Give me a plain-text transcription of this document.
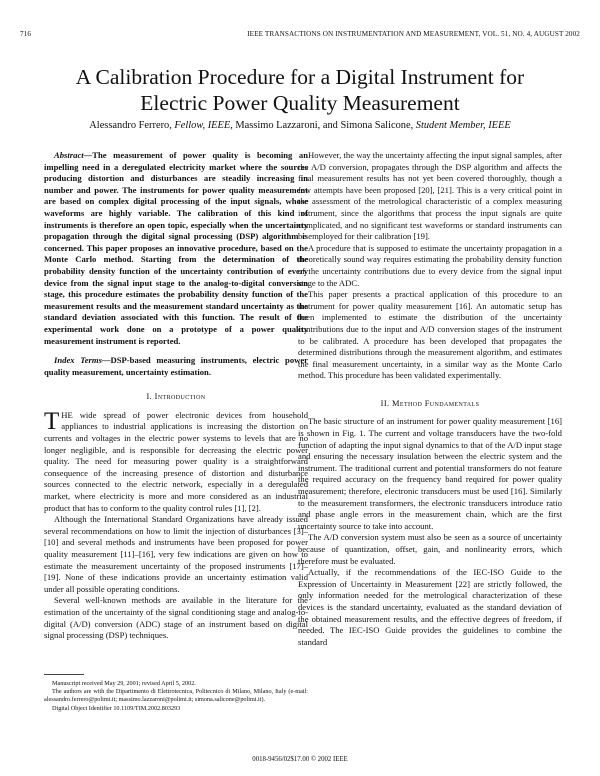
716	IEEE TRANSACTIONS ON INSTRUMENTATION AND MEASUREMENT, VOL. 51, NO. 4, AUGUST 2002
A Calibration Procedure for a Digital Instrument for
Electric Power Quality Measurement
Alessandro Ferrero, Fellow, IEEE, Massimo Lazzaroni, and Simona Salicone, Student Member, IEEE

Abstract—The measurement of power quality is becoming an impelling need in a deregulated electricity market where the sources producing distortion and disturbances are steadily increasing in number and power. The instruments for power quality measurement are based on complex digital processing of the input signals, whose waveforms are highly variable. The calibration of this kind of instruments is therefore an open topic, especially when the uncertainty propagation through the digital signal processing (DSP) algorithm is concerned. This paper proposes an innovative procedure, based on the Monte Carlo method. Starting from the determination of the probability density function of the uncertainty contribution of every device from the signal input stage to the analog-to-digital conversion stage, this procedure estimates the probability density function of the measurement results and the measurement standard uncertainty as the standard deviation associated with this function. The result of the experimental work done on a prototype of a power quality measurement instrument is reported.

Index Terms—DSP-based measuring instruments, electric power quality measurement, uncertainty estimation.

I. Introduction

THE wide spread of power electronic devices from household appliances to industrial applications is increasing the distortion on currents and voltages in the electric power systems to levels that are no longer negligible, and is responsible for decreasing the electric power quality. The need for measuring power quality is a straightforward consequence of the increasing presence of distortion and disturbance sources connected to the electric network, especially in a deregulated market, where electricity is more and more considered as an industrial product that has to conform to the quality control rules [1], [2].

Although the International Standard Organizations have already issued several recommendations on how to limit the injection of disturbances [3]–[10] and several methods and instruments have been proposed for power quality measurement [11]–[16], very few indications are given on how to estimate the measurement uncertainty of the proposed instruments [17]–[19]. None of these indications provide an uncertainty estimation valid under all possible operating conditions.

Several well-known methods are available in the literature for the estimation of the uncertainty of the signal conditioning stage and analog-to-digital (A/D) conversion (ADC) stage of an instrument based on digital signal processing (DSP) techniques.

However, the way the uncertainty affecting the input signal samples, after the A/D conversion, propagates through the DSP algorithm and affects the final measurement results has not yet been covered thoroughly, though a few attempts have been proposed [20], [21]. This is a very critical point in the assessment of the metrological characteristic of a complex measuring instrument, since the algorithms that process the input signals are quite complicated, and no significant test waveforms or standard instruments can be employed for their calibration [19].

A procedure that is supposed to estimate the uncertainty propagation in a theoretically sound way requires estimating the probability density function of the uncertainty contributions due to every device from the signal input stage to the ADC.

This paper presents a practical application of this procedure to an instrument for power quality measurement [16]. An automatic setup has been implemented to estimate the distribution of the uncertainty contributions due to the input and A/D conversion stages of the instrument to be calibrated. A procedure has been developed that propagates the determined distributions through the measurement algorithm, and estimates the final measurement uncertainty, in a similar way as the Monte Carlo method. This procedure has been validated experimentally.

II. Method Fundamentals

The basic structure of an instrument for power quality measurement [16] is shown in Fig. 1. The current and voltage transducers have the two-fold function of adapting the input signal dynamics to that of the A/D input stage and ensuring the necessary insulation between the electric system and the instrument. The traditional current and potential transformers do not feature the required accuracy on the frequency band required for power quality measurement; therefore, electronic transducers must be used [16]. Similarly to the measurement transformers, the electronic transducers introduce ratio and phase angle errors in the measurement chain, which are the first uncertainty source to take into account.

The A/D conversion system must also be seen as a source of uncertainty because of quantization, offset, gain, and nonlinearity errors, which therefore must be evaluated.

Actually, if the recommendations of the IEC-ISO Guide to the Expression of Uncertainty in Measurement [22] are strictly followed, the only information needed for the metrological characterization of these devices is the standard uncertainty, evaluated as the standard deviation of the obtained measurement results, and the effective degrees of freedom, if needed. The IEC-ISO Guide provides the guidelines to combine the standard

Manuscript received May 29, 2001; revised April 5, 2002.

The authors are with the Dipartimento di Elettrotecnica, Politecnico di Milano, Milano, Italy (e-mail: alessandro.ferrero@polimi.it; massimo.lazzaroni@polimi.it; simona.salicone@polimi.it).

Digital Object Identifier 10.1109/TIM.2002.803293

0018-9456/02$17.00 © 2002 IEEE
